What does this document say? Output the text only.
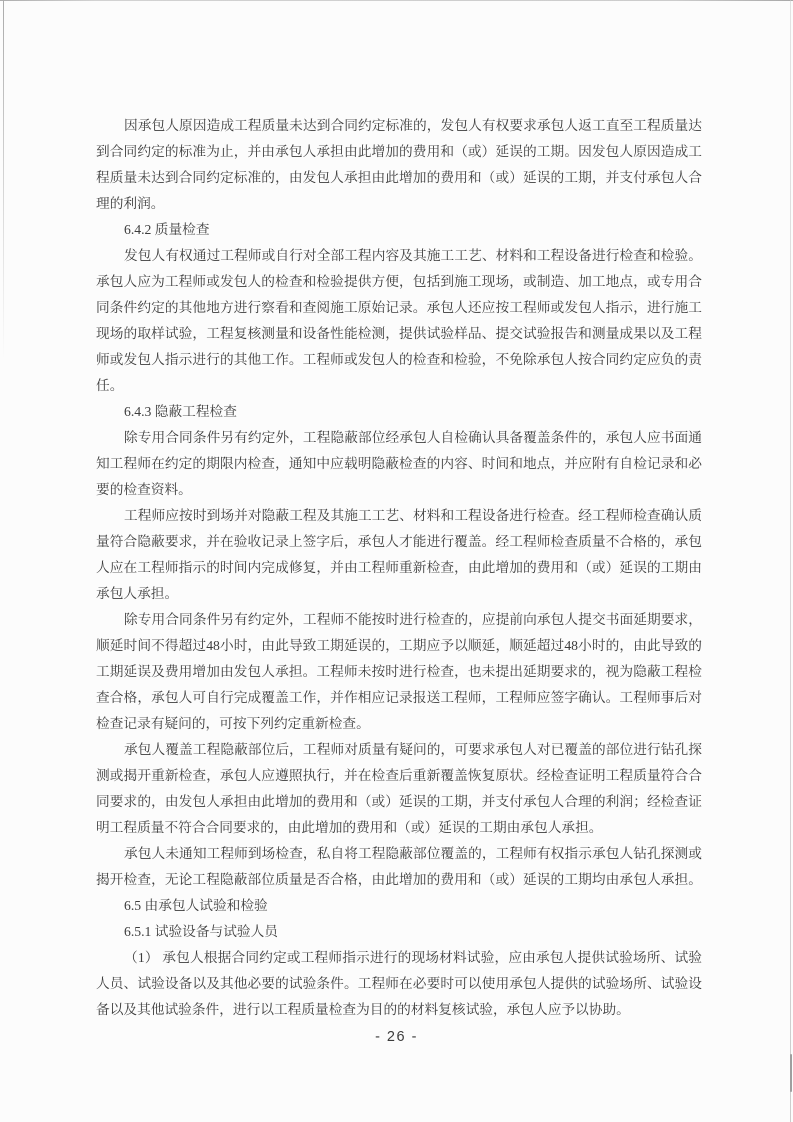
因承包人原因造成工程质量未达到合同约定标准的，发包人有权要求承包人返工直至工程质量达
到合同约定的标准为止，并由承包人承担由此增加的费用和（或）延误的工期。因发包人原因造成工
程质量未达到合同约定标准的，由发包人承担由此增加的费用和（或）延误的工期，并支付承包人合
理的利润。
6.4.2 质量检查
发包人有权通过工程师或自行对全部工程内容及其施工工艺、材料和工程设备进行检查和检验。
承包人应为工程师或发包人的检查和检验提供方便，包括到施工现场，或制造、加工地点，或专用合
同条件约定的其他地方进行察看和查阅施工原始记录。承包人还应按工程师或发包人指示，进行施工
现场的取样试验，工程复核测量和设备性能检测，提供试验样品、提交试验报告和测量成果以及工程
师或发包人指示进行的其他工作。工程师或发包人的检查和检验，不免除承包人按合同约定应负的责
任。
6.4.3 隐蔽工程检查
除专用合同条件另有约定外，工程隐蔽部位经承包人自检确认具备覆盖条件的，承包人应书面通
知工程师在约定的期限内检查，通知中应载明隐蔽检查的内容、时间和地点，并应附有自检记录和必
要的检查资料。
工程师应按时到场并对隐蔽工程及其施工工艺、材料和工程设备进行检查。经工程师检查确认质
量符合隐蔽要求，并在验收记录上签字后，承包人才能进行覆盖。经工程师检查质量不合格的，承包
人应在工程师指示的时间内完成修复，并由工程师重新检查，由此增加的费用和（或）延误的工期由
承包人承担。
除专用合同条件另有约定外，工程师不能按时进行检查的，应提前向承包人提交书面延期要求，
顺延时间不得超过48小时，由此导致工期延误的，工期应予以顺延，顺延超过48小时的，由此导致的
工期延误及费用增加由发包人承担。工程师未按时进行检查，也未提出延期要求的，视为隐蔽工程检
查合格，承包人可自行完成覆盖工作，并作相应记录报送工程师，工程师应签字确认。工程师事后对
检查记录有疑问的，可按下列约定重新检查。
承包人覆盖工程隐蔽部位后，工程师对质量有疑问的，可要求承包人对已覆盖的部位进行钻孔探
测或揭开重新检查，承包人应遵照执行，并在检查后重新覆盖恢复原状。经检查证明工程质量符合合
同要求的，由发包人承担由此增加的费用和（或）延误的工期，并支付承包人合理的利润；经检查证
明工程质量不符合合同要求的，由此增加的费用和（或）延误的工期由承包人承担。
承包人未通知工程师到场检查，私自将工程隐蔽部位覆盖的，工程师有权指示承包人钻孔探测或
揭开检查，无论工程隐蔽部位质量是否合格，由此增加的费用和（或）延误的工期均由承包人承担。
6.5 由承包人试验和检验
6.5.1 试验设备与试验人员
（1） 承包人根据合同约定或工程师指示进行的现场材料试验，应由承包人提供试验场所、试验
人员、试验设备以及其他必要的试验条件。工程师在必要时可以使用承包人提供的试验场所、试验设
备以及其他试验条件，进行以工程质量检查为目的的材料复核试验，承包人应予以协助。
- 26 -
